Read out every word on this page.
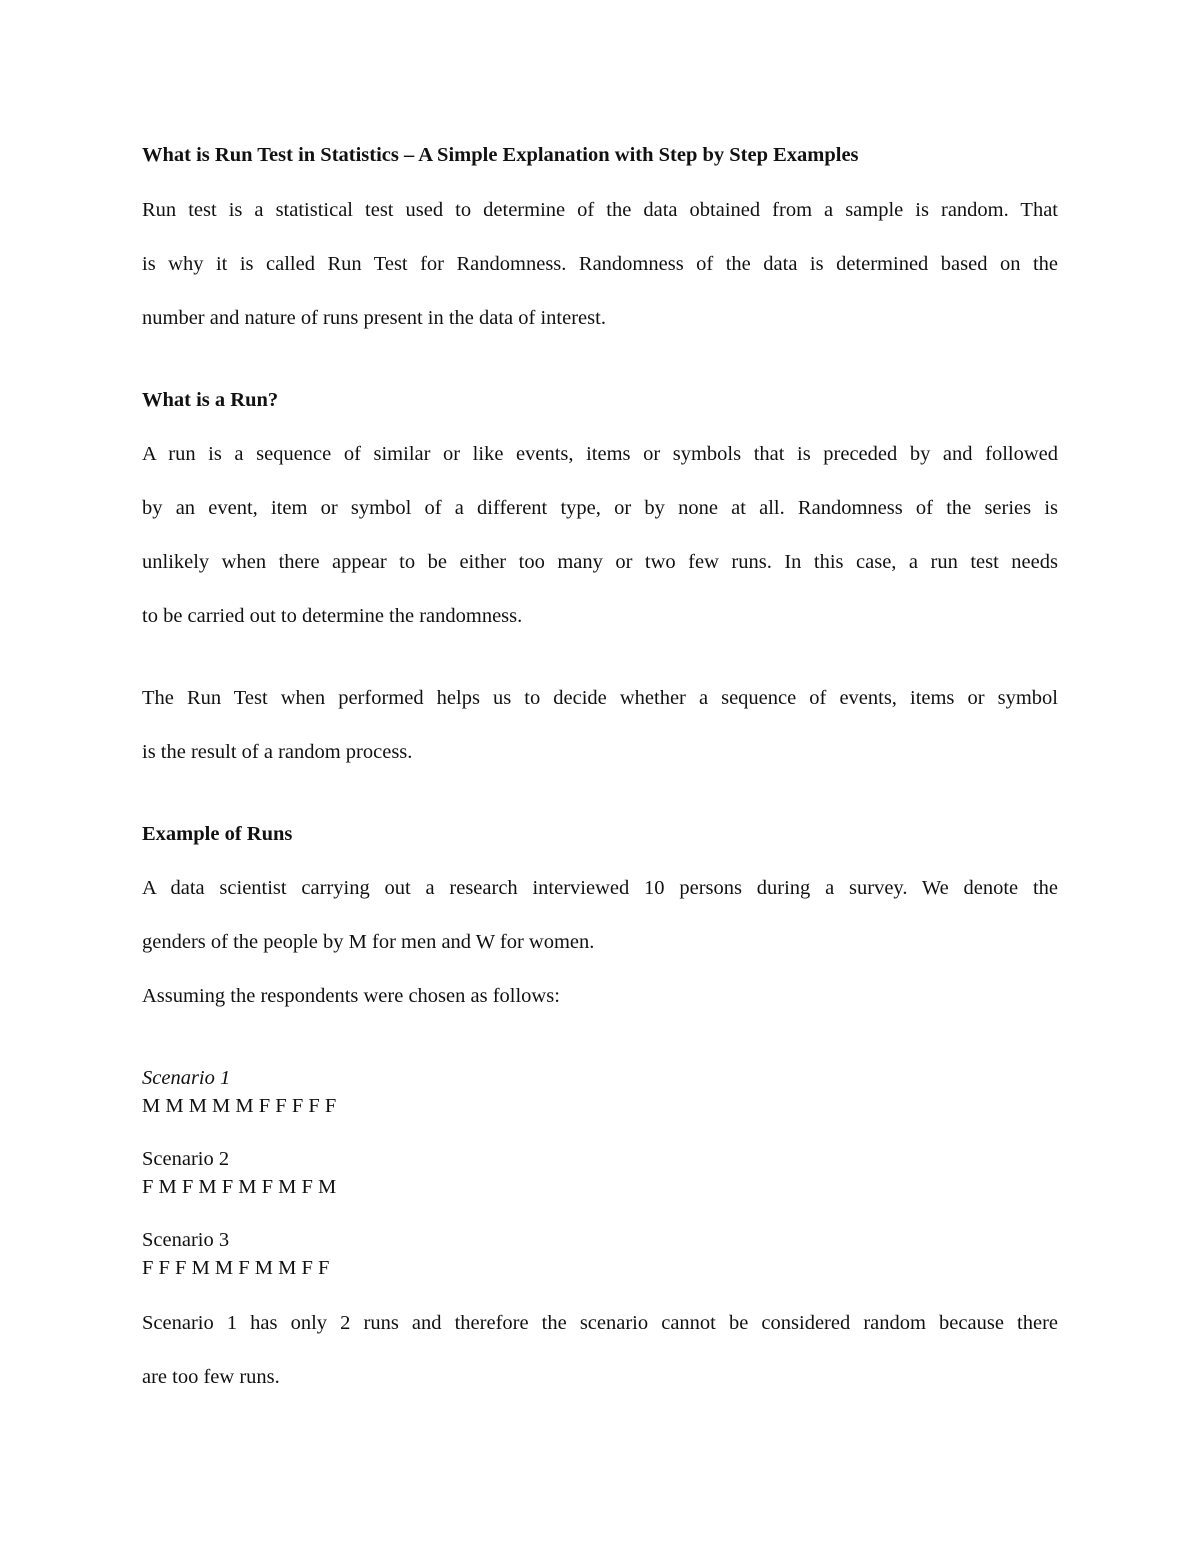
What is Run Test in Statistics – A Simple Explanation with Step by Step Examples

Run test is a statistical test used to determine of the data obtained from a sample is random. That

is why it is called Run Test for Randomness. Randomness of the data is determined based on the

number and nature of runs present in the data of interest.

What is a Run?

A run is a sequence of similar or like events, items or symbols that is preceded by and followed

by an event, item or symbol of a different type, or by none at all. Randomness of the series is

unlikely when there appear to be either too many or two few runs. In this case, a run test needs

to be carried out to determine the randomness.

The Run Test when performed helps us to decide whether a sequence of events, items or symbol

is the result of a random process.

Example of Runs

A data scientist carrying out a research interviewed 10 persons during a survey. We denote the

genders of the people by M for men and W for women.

Assuming the respondents were chosen as follows:

Scenario 1

M M M M M F F F F F

Scenario 2

F M F M F M F M F M

Scenario 3

F F F M M F M M F F

Scenario 1 has only 2 runs and therefore the scenario cannot be considered random because there

are too few runs.
